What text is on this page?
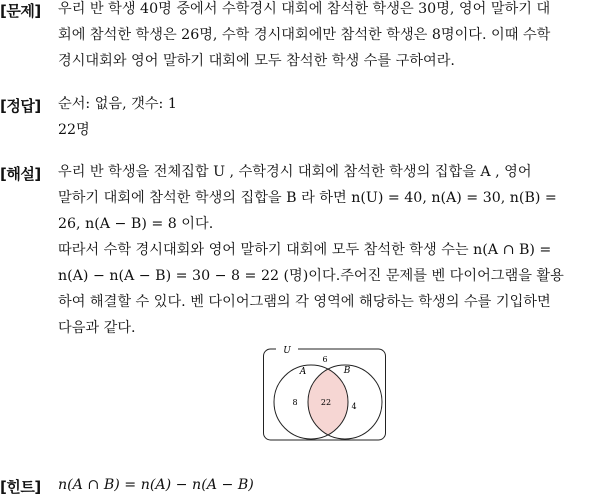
[문제] 우리 반 학생 40명 중에서 수학경시 대회에 참석한 학생은 30명, 영어 말하기 대
회에 참석한 학생은 26명, 수학 경시대회에만 참석한 학생은 8명이다. 이때 수학
경시대회와 영어 말하기 대회에 모두 참석한 학생 수를 구하여라.
[정답] 순서: 없음, 갯수: 1
22명
[해설] 우리 반 학생을 전체집합 U , 수학경시 대회에 참석한 학생의 집합을 A , 영어
말하기 대회에 참석한 학생의 집합을 B 라 하면 n(U) = 40, n(A) = 30, n(B) =
26, n(A − B) = 8 이다.
따라서 수학 경시대회와 영어 말하기 대회에 모두 참석한 학생 수는 n(A ∩ B) =
n(A) − n(A − B) = 30 − 8 = 22 (명)이다.주어진 문제를 벤 다이어그램을 활용
하여 해결할 수 있다. 벤 다이어그램의 각 영역에 해당하는 학생의 수를 기입하면
다음과 같다.
U
A	B
6
8	22	4
[힌트] n(A ∩ B) = n(A) − n(A − B)
